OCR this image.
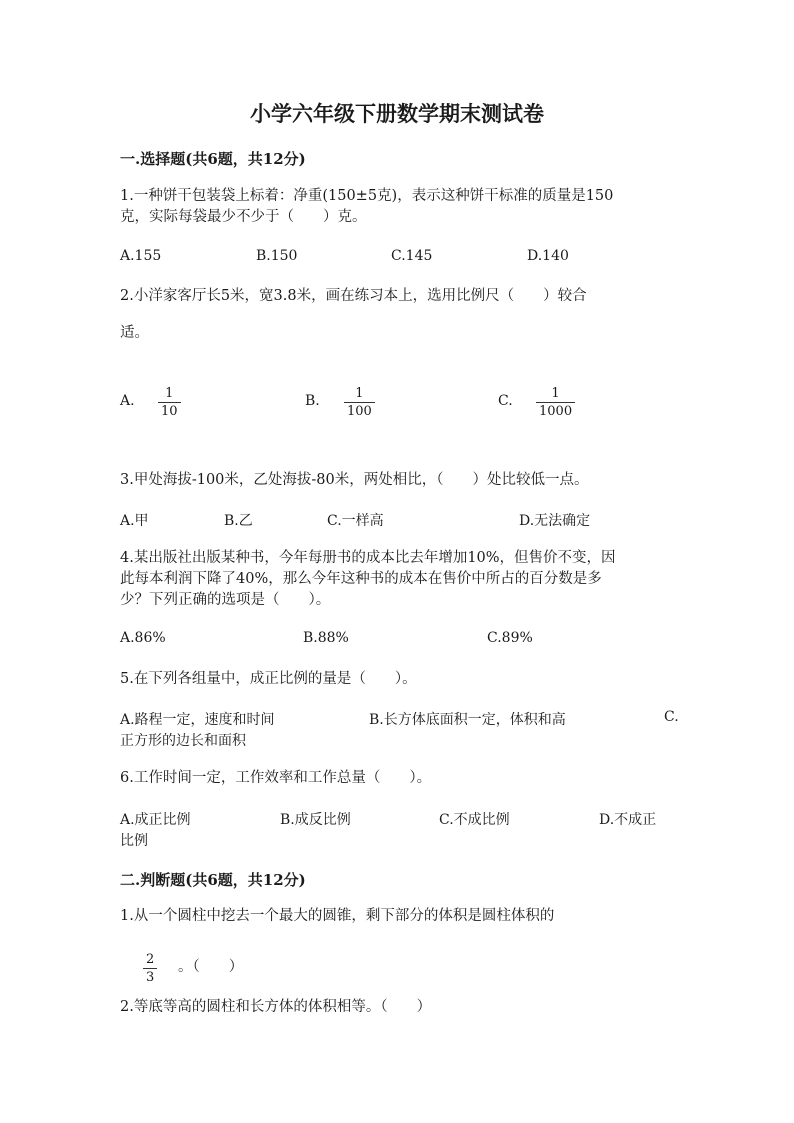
小学六年级下册数学期末测试卷
一.选择题(共6题，共12分)
1.一种饼干包装袋上标着：净重(150±5克)，表示这种饼干标准的质量是150
克，实际每袋最少不少于（　　）克。
A.155	B.150	C.145	D.140
2.小洋家客厅长5米，宽3.8米，画在练习本上，选用比例尺（　　）较合
适。
A. 1
10
B.	1
100
C.	1
1000
3.甲处海拔-100米，乙处海拔-80米，两处相比，（　　）处比较低一点。
A.甲	B.乙	C.一样高	D.无法确定
4.某出版社出版某种书，今年每册书的成本比去年增加10%，但售价不变，因
此每本利润下降了40%，那么今年这种书的成本在售价中所占的百分数是多
少？下列正确的选项是（　　）。
A.86%	B.88%	C.89%
5.在下列各组量中，成正比例的量是（　　）。
A.路程一定，速度和时间	B.长方体底面积一定，体积和高	C.
正方形的边长和面积
6.工作时间一定，工作效率和工作总量（　　）。
A.成正比例	B.成反比例	C.不成比例	D.不成正
比例
二.判断题(共6题，共12分)
1.从一个圆柱中挖去一个最大的圆锥，剩下部分的体积是圆柱体积的
2
3
。（　　）
2.等底等高的圆柱和长方体的体积相等。（　　）
